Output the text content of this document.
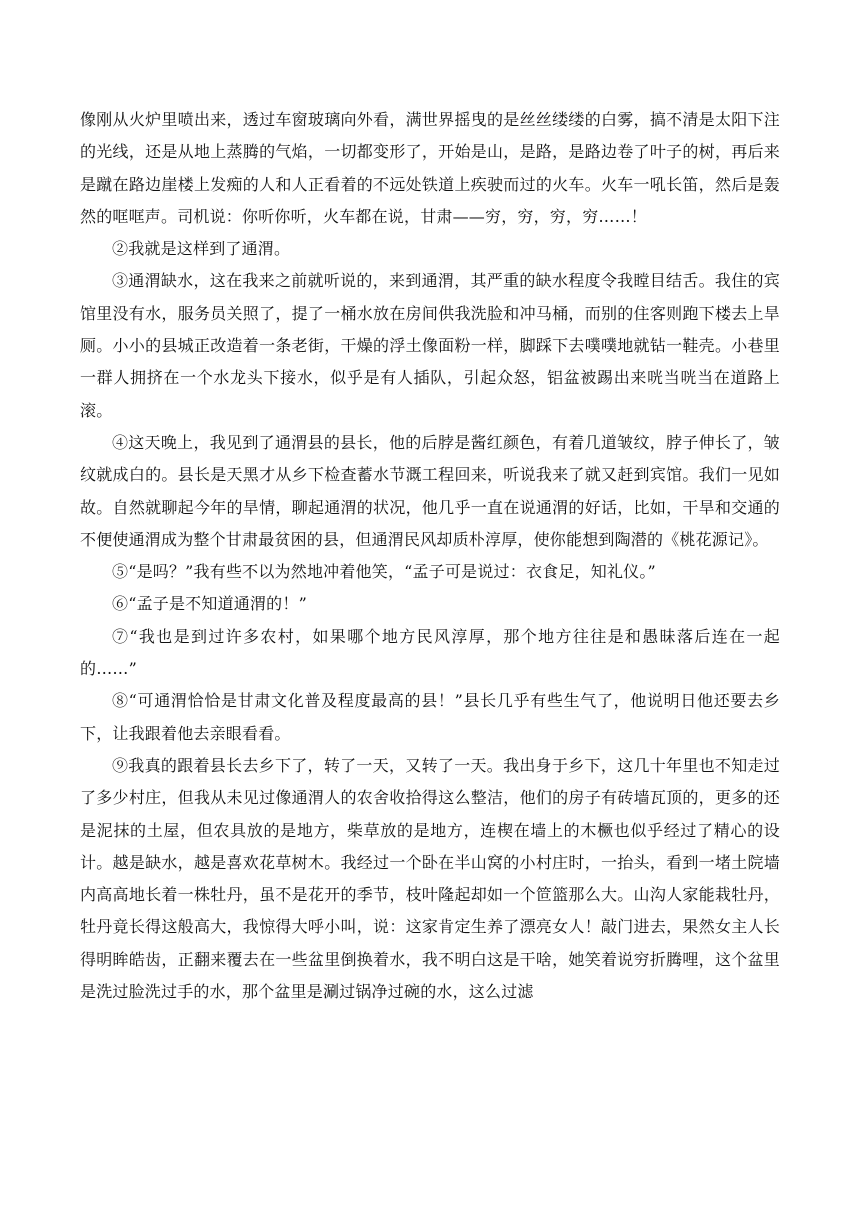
像刚从火炉里喷出来，透过车窗玻璃向外看，满世界摇曳的是丝丝缕缕的白雾，搞不清是太阳下注的光线，还是从地上蒸腾的气焰，一切都变形了，开始是山，是路，是路边卷了叶子的树，再后来是蹴在路边崖楼上发痴的人和人正看着的不远处铁道上疾驶而过的火车。火车一吼长笛，然后是轰然的哐哐声。司机说：你听你听，火车都在说，甘肃——穷，穷，穷，穷……！

②我就是这样到了通渭。

③通渭缺水，这在我来之前就听说的，来到通渭，其严重的缺水程度令我瞠目结舌。我住的宾馆里没有水，服务员关照了，提了一桶水放在房间供我洗脸和冲马桶，而别的住客则跑下楼去上旱厕。小小的县城正改造着一条老街，干燥的浮土像面粉一样，脚踩下去噗噗地就钻一鞋壳。小巷里一群人拥挤在一个水龙头下接水，似乎是有人插队，引起众怒，铝盆被踢出来咣当咣当在道路上滚。

④这天晚上，我见到了通渭县的县长，他的后脖是酱红颜色，有着几道皱纹，脖子伸长了，皱纹就成白的。县长是天黑才从乡下检查蓄水节溉工程回来，听说我来了就又赶到宾馆。我们一见如故。自然就聊起今年的旱情，聊起通渭的状况，他几乎一直在说通渭的好话，比如，干旱和交通的不便使通渭成为整个甘肃最贫困的县，但通渭民风却质朴淳厚，使你能想到陶潜的《桃花源记》。

⑤“是吗？”我有些不以为然地冲着他笑，“孟子可是说过：衣食足，知礼仪。”

⑥“孟子是不知道通渭的！”

⑦“我也是到过许多农村，如果哪个地方民风淳厚，那个地方往往是和愚昧落后连在一起的……”

⑧“可通渭恰恰是甘肃文化普及程度最高的县！”县长几乎有些生气了，他说明日他还要去乡下，让我跟着他去亲眼看看。

⑨我真的跟着县长去乡下了，转了一天，又转了一天。我出身于乡下，这几十年里也不知走过了多少村庄，但我从未见过像通渭人的农舍收拾得这么整洁，他们的房子有砖墙瓦顶的，更多的还是泥抹的土屋，但农具放的是地方，柴草放的是地方，连楔在墙上的木橛也似乎经过了精心的设计。越是缺水，越是喜欢花草树木。我经过一个卧在半山窝的小村庄时，一抬头，看到一堵土院墙内高高地长着一株牡丹，虽不是花开的季节，枝叶隆起却如一个笸篮那么大。山沟人家能栽牡丹，牡丹竟长得这般高大，我惊得大呼小叫，说：这家肯定生养了漂亮女人！敲门进去，果然女主人长得明眸皓齿，正翻来覆去在一些盆里倒换着水，我不明白这是干啥，她笑着说穷折腾哩，这个盆里是洗过脸洗过手的水，那个盆里是涮过锅净过碗的水，这么过滤
